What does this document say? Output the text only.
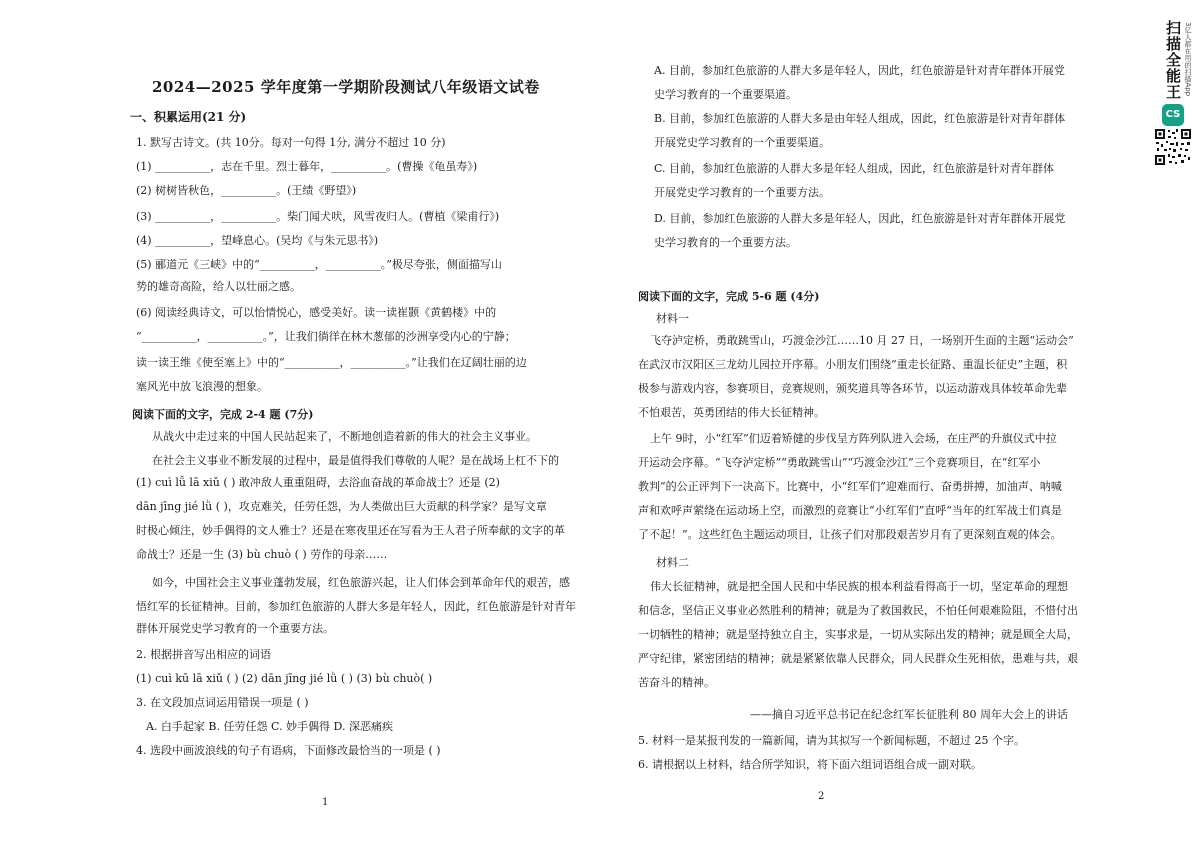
2024—2025 学年度第一学期阶段测试八年级语文试卷
一、积累运用(21 分)
1. 默写古诗文。(共 10分。每对一句得 1分, 满分不超过 10 分)
(1) __________，志在千里。烈士暮年，__________。(曹操《龟虽寿》)
(2) 树树皆秋色，__________。(王绩《野望》)
(3) __________，__________。柴门闻犬吠，风雪夜归人。(曹植《梁甫行》)
(4) __________，望峰息心。(吴均《与朱元思书》)
(5) 郦道元《三峡》中的“__________，__________。”极尽夸张，侧面描写山
势的雄奇高险，给人以壮丽之感。
(6) 阅读经典诗文，可以怡情悦心，感受美好。读一读崔颢《黄鹤楼》中的
“__________，__________。”，让我们徜徉在林木葱郁的沙洲享受内心的宁静；
读一读王维《使至塞上》中的“__________，__________。”让我们在辽阔壮丽的边
塞风光中放飞浪漫的想象。
阅读下面的文字，完成 2-4 题 (7分)
从战火中走过来的中国人民站起来了，不断地创造着新的伟大的社会主义事业。
在社会主义事业不断发展的过程中，最是值得我们尊敬的人呢？是在战场上杠不下的
(1) cuì lǚ lā xiǔ ( ) 敢冲敌人重重阻碍，去浴血奋战的革命战士？还是 (2)
dān jīng jié lǜ ( )，攻克难关，任劳任怨，为人类做出巨大贡献的科学家？是写文章
时极心倾注，妙手偶得的文人雅士？还是在寒夜里还在写看为王人君子所奉献的文字的革
命战士？还是一生 (3) bù chuò ( ) 劳作的母亲……
如今，中国社会主义事业蓬勃发展，红色旅游兴起，让人们体会到革命年代的艰苦，感
悟红军的长征精神。目前，参加红色旅游的人群大多是年轻人，因此，红色旅游是针对青年
群体开展党史学习教育的一个重要方法。
2. 根据拼音写出相应的词语
(1) cuì kū lā xiǔ ( ) (2) dān jīng jié lǜ ( ) (3) bù chuò( )
3. 在文段加点词运用错误一项是 ( )
A. 白手起家 B. 任劳任怨 C. 妙手偶得 D. 深恶痛疾
4. 选段中画波浪线的句子有语病，下面修改最恰当的一项是 ( )
1
A. 目前，参加红色旅游的人群大多是年轻人，因此，红色旅游是针对青年群体开展党
史学习教育的一个重要渠道。
B. 目前，参加红色旅游的人群大多是由年轻人组成，因此，红色旅游是针对青年群体
开展党史学习教育的一个重要渠道。
C. 目前，参加红色旅游的人群大多是年轻人组成，因此，红色旅游是针对青年群体
开展党史学习教育的一个重要方法。
D. 目前，参加红色旅游的人群大多是年轻人，因此，红色旅游是针对青年群体开展党
史学习教育的一个重要方法。
阅读下面的文字，完成 5-6 题 (4分)
材料一
飞夺泸定桥，勇敢跳雪山，巧渡金沙江……10 月 27 日，一场别开生面的主题“运动会”
在武汉市汉阳区三龙幼儿园拉开序幕。小朋友们围绕“重走长征路、重温长征史”主题，积
极参与游戏内容，参赛项目，竞赛规则，颁奖道具等各环节，以运动游戏具体较革命先辈
不怕艰苦，英勇团结的伟大长征精神。
上午 9时，小“红军”们迈着矫健的步伐呈方阵列队进入会场，在庄严的升旗仪式中拉
开运动会序幕。“飞夺泸定桥”“勇敢跳雪山”“巧渡金沙江”三个竞赛项目，在“红军小
教判”的公正评判下一决高下。比赛中，小“红军们”迎难而行、奋勇拼搏，加油声、呐喊
声和欢呼声萦绕在运动场上空，而激烈的竞赛让“小红军们”直呼“当年的红军战士们真是
了不起！”。这些红色主题运动项目，让孩子们对那段艰苦岁月有了更深刻直观的体会。
材料二
伟大长征精神，就是把全国人民和中华民族的根本利益看得高于一切，坚定革命的理想
和信念，坚信正义事业必然胜利的精神；就是为了救国救民，不怕任何艰难险阻，不惜付出
一切牺牲的精神；就是坚持独立自主，实事求是，一切从实际出发的精神；就是顾全大局，
严守纪律，紧密团结的精神；就是紧紧依靠人民群众，同人民群众生死相依，患难与共，艰
苦奋斗的精神。
——摘自习近平总书记在纪念红军长征胜利 80 周年大会上的讲话
5. 材料一是某报刊发的一篇新闻，请为其拟写一个新闻标题，不超过 25 个字。
6. 请根据以上材料，结合所学知识，将下面六组词语组合成一副对联。
2
扫描全能王 3亿人都在用的扫描App
CS
